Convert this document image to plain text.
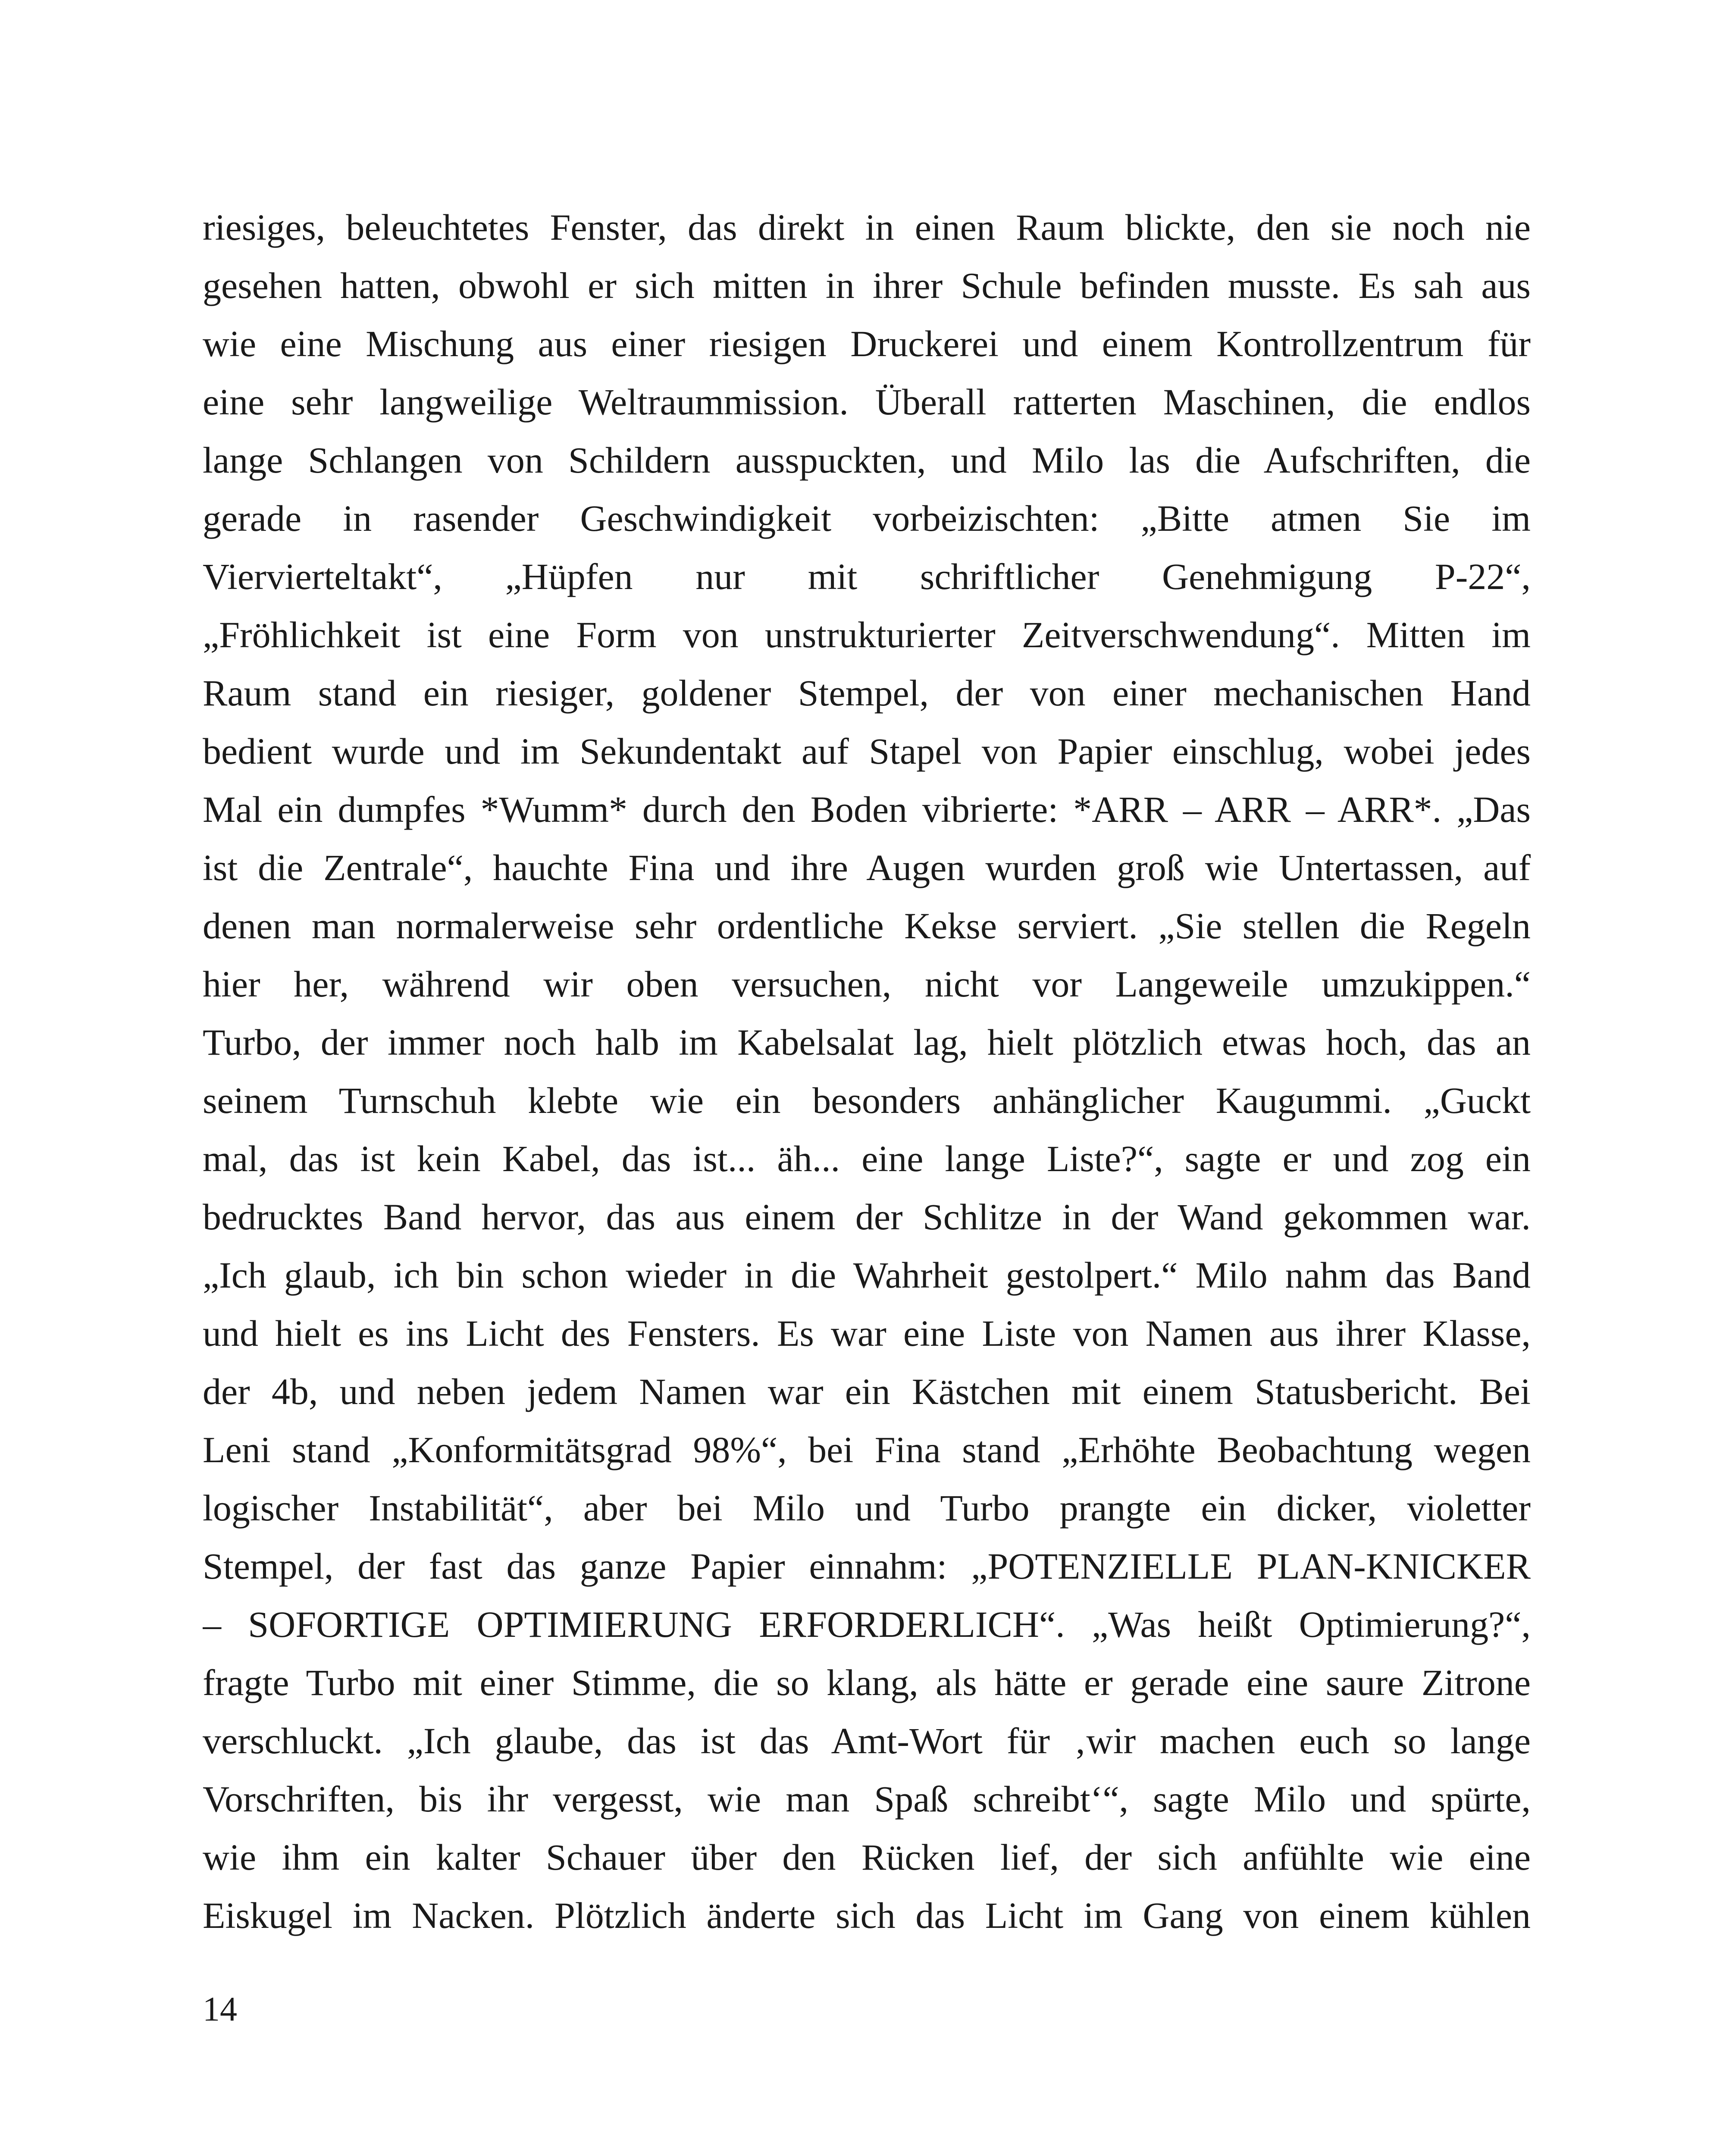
riesiges, beleuchtetes Fenster, das direkt in einen Raum blickte, den sie noch nie
gesehen hatten, obwohl er sich mitten in ihrer Schule befinden musste. Es sah aus
wie eine Mischung aus einer riesigen Druckerei und einem Kontrollzentrum für
eine sehr langweilige Weltraummission. Überall ratterten Maschinen, die endlos
lange Schlangen von Schildern ausspuckten, und Milo las die Aufschriften, die
gerade in rasender Geschwindigkeit vorbeizischten: „Bitte atmen Sie im
Viervierteltakt“, „Hüpfen nur mit schriftlicher Genehmigung P-22“,
„Fröhlichkeit ist eine Form von unstrukturierter Zeitverschwendung“. Mitten im
Raum stand ein riesiger, goldener Stempel, der von einer mechanischen Hand
bedient wurde und im Sekundentakt auf Stapel von Papier einschlug, wobei jedes
Mal ein dumpfes *Wumm* durch den Boden vibrierte: *ARR – ARR – ARR*. „Das
ist die Zentrale“, hauchte Fina und ihre Augen wurden groß wie Untertassen, auf
denen man normalerweise sehr ordentliche Kekse serviert. „Sie stellen die Regeln
hier her, während wir oben versuchen, nicht vor Langeweile umzukippen.“
Turbo, der immer noch halb im Kabelsalat lag, hielt plötzlich etwas hoch, das an
seinem Turnschuh klebte wie ein besonders anhänglicher Kaugummi. „Guckt
mal, das ist kein Kabel, das ist... äh... eine lange Liste?“, sagte er und zog ein
bedrucktes Band hervor, das aus einem der Schlitze in der Wand gekommen war.
„Ich glaub, ich bin schon wieder in die Wahrheit gestolpert.“ Milo nahm das Band
und hielt es ins Licht des Fensters. Es war eine Liste von Namen aus ihrer Klasse,
der 4b, und neben jedem Namen war ein Kästchen mit einem Statusbericht. Bei
Leni stand „Konformitätsgrad 98%“, bei Fina stand „Erhöhte Beobachtung wegen
logischer Instabilität“, aber bei Milo und Turbo prangte ein dicker, violetter
Stempel, der fast das ganze Papier einnahm: „POTENZIELLE PLAN-KNICKER
– SOFORTIGE OPTIMIERUNG ERFORDERLICH“. „Was heißt Optimierung?“,
fragte Turbo mit einer Stimme, die so klang, als hätte er gerade eine saure Zitrone
verschluckt. „Ich glaube, das ist das Amt-Wort für ‚wir machen euch so lange
Vorschriften, bis ihr vergesst, wie man Spaß schreibt‘“, sagte Milo und spürte,
wie ihm ein kalter Schauer über den Rücken lief, der sich anfühlte wie eine
Eiskugel im Nacken. Plötzlich änderte sich das Licht im Gang von einem kühlen
14
